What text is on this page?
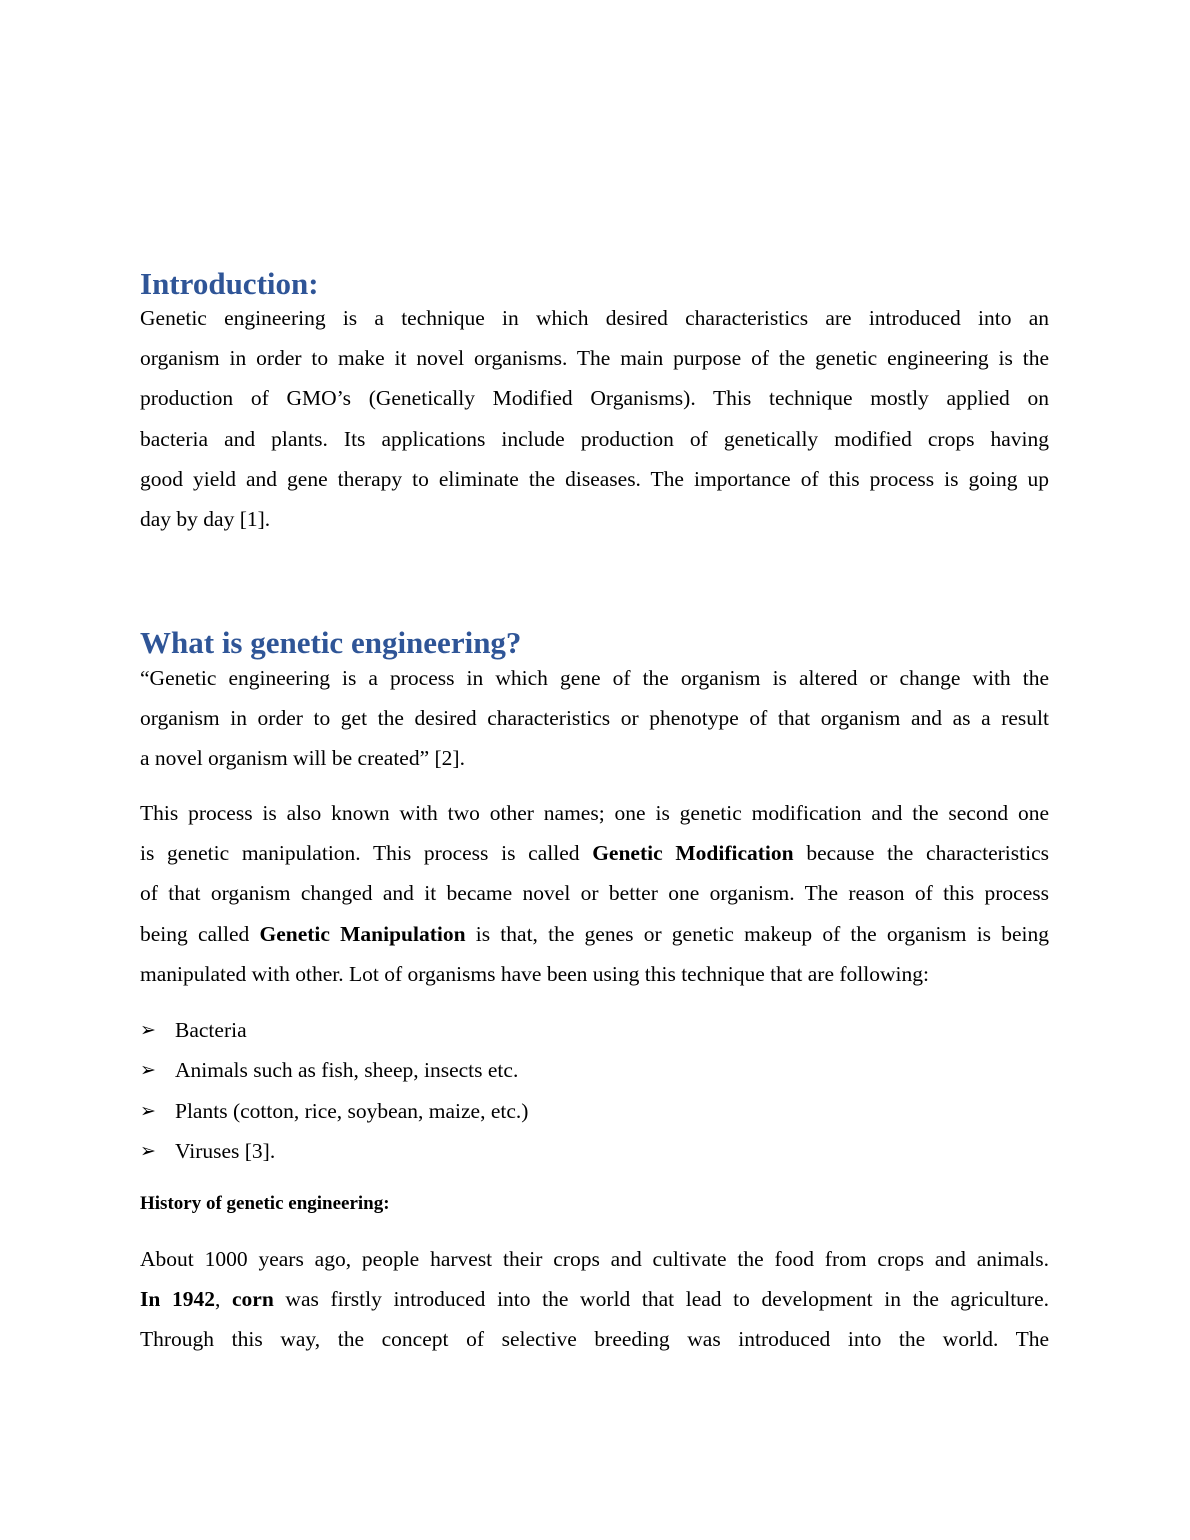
Introduction:
Genetic engineering is a technique in which desired characteristics are introduced into an
organism in order to make it novel organisms. The main purpose of the genetic engineering is the
production of GMO’s (Genetically Modified Organisms). This technique mostly applied on
bacteria and plants. Its applications include production of genetically modified crops having
good yield and gene therapy to eliminate the diseases. The importance of this process is going up
day by day [1].
What is genetic engineering?
“Genetic engineering is a process in which gene of the organism is altered or change with the
organism in order to get the desired characteristics or phenotype of that organism and as a result
a novel organism will be created” [2].
This process is also known with two other names; one is genetic modification and the second one
is genetic manipulation. This process is called Genetic Modification because the characteristics
of that organism changed and it became novel or better one organism. The reason of this process
being called Genetic Manipulation is that, the genes or genetic makeup of the organism is being
manipulated with other. Lot of organisms have been using this technique that are following:
➢ Bacteria
➢ Animals such as fish, sheep, insects etc.
➢ Plants (cotton, rice, soybean, maize, etc.)
➢ Viruses [3].
History of genetic engineering:
About 1000 years ago, people harvest their crops and cultivate the food from crops and animals.
In 1942, corn was firstly introduced into the world that lead to development in the agriculture.
Through this way, the concept of selective breeding was introduced into the world. The
